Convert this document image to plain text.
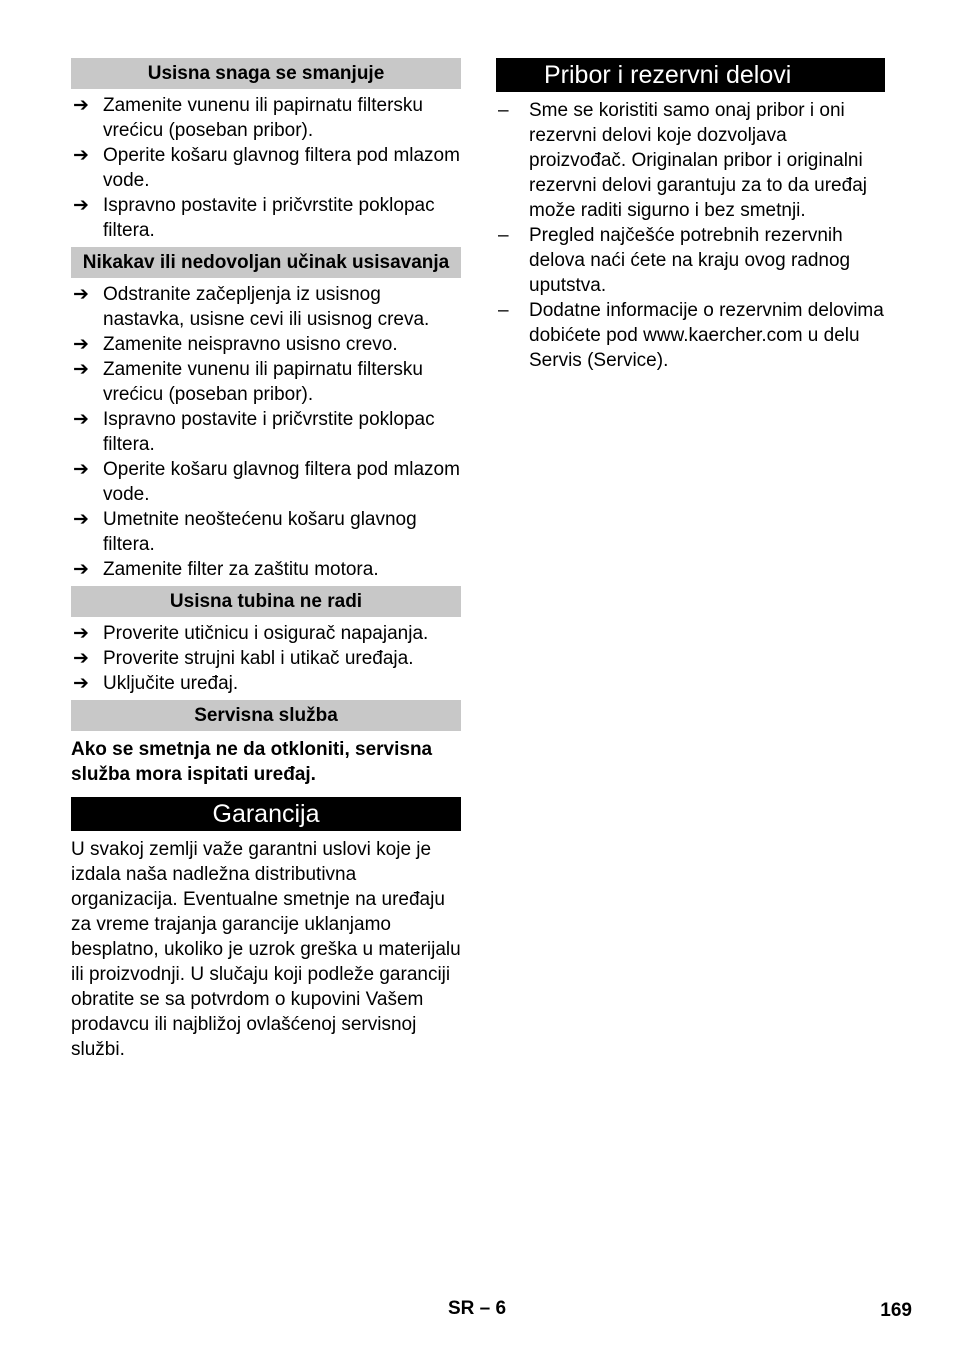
Usisna snaga se smanjuje
➔ Zamenite vunenu ili papirnatu filtersku vrećicu (poseban pribor).
➔ Operite košaru glavnog filtera pod mlazom vode.
➔ Ispravno postavite i pričvrstite poklopac filtera.
Nikakav ili nedovoljan učinak usisavanja
➔ Odstranite začepljenja iz usisnog nastavka, usisne cevi ili usisnog creva.
➔ Zamenite neispravno usisno crevo.
➔ Zamenite vunenu ili papirnatu filtersku vrećicu (poseban pribor).
➔ Ispravno postavite i pričvrstite poklopac filtera.
➔ Operite košaru glavnog filtera pod mlazom vode.
➔ Umetnite neoštećenu košaru glavnog filtera.
➔ Zamenite filter za zaštitu motora.
Usisna tubina ne radi
➔ Proverite utičnicu i osigurač napajanja.
➔ Proverite strujni kabl i utikač uređaja.
➔ Uključite uređaj.
Servisna služba

Ako se smetnja ne da otkloniti, servisna služba mora ispitati uređaj.

Garancija

U svakoj zemlji važe garantni uslovi koje je izdala naša nadležna distributivna organizacija. Eventualne smetnje na uređaju za vreme trajanja garancije uklanjamo besplatno, ukoliko je uzrok greška u materijalu ili proizvodnji. U slučaju koji podleže garanciji obratite se sa potvrdom o kupovini Vašem prodavcu ili najbližoj ovlašćenoj servisnoj službi.

Pribor i rezervni delovi
– Sme se koristiti samo onaj pribor i oni rezervni delovi koje dozvoljava proizvođač. Originalan pribor i originalni rezervni delovi garantuju za to da uređaj može raditi sigurno i bez smetnji.
– Pregled najčešće potrebnih rezervnih delova naći ćete na kraju ovog radnog uputstva.
– Dodatne informacije o rezervnim delovima dobićete pod www.kaercher.com u delu Servis (Service).
SR – 6	169
